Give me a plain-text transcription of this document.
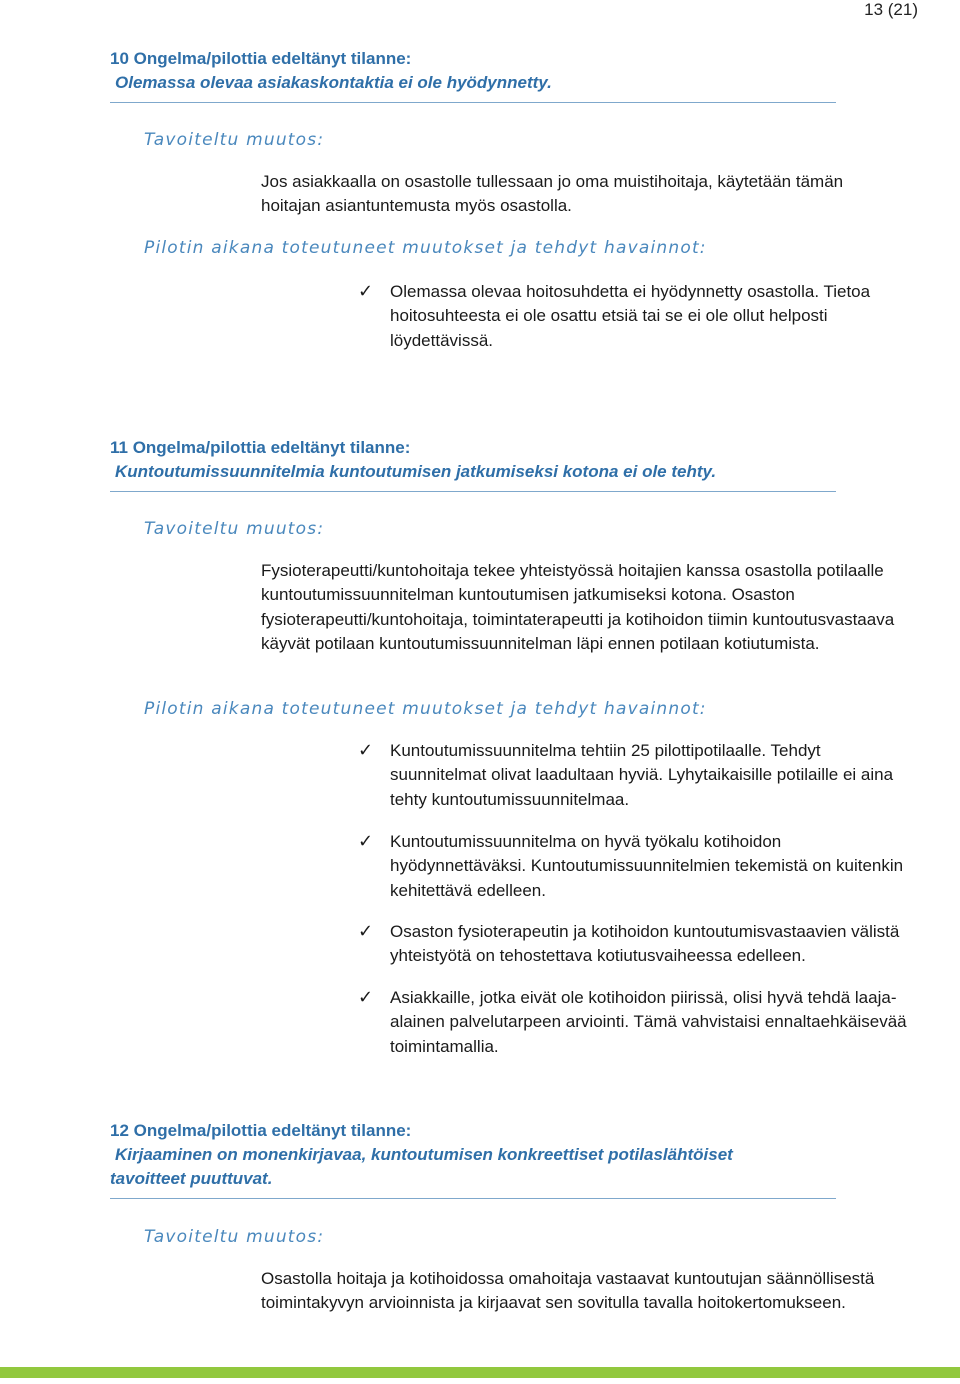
13 (21)
10 Ongelma/pilottia edeltänyt tilanne:
Olemassa olevaa asiakaskontaktia ei ole hyödynnetty.
Tavoiteltu muutos:
Jos asiakkaalla on osastolle tullessaan jo oma muistihoitaja, käytetään tämän hoitajan asiantuntemusta myös osastolla.
Pilotin aikana toteutuneet muutokset ja tehdyt havainnot:
✓ Olemassa olevaa hoitosuhdetta ei hyödynnetty osastolla. Tietoa hoitosuhteesta ei ole osattu etsiä tai se ei ole ollut helposti löydettävissä.
11 Ongelma/pilottia edeltänyt tilanne:
Kuntoutumissuunnitelmia kuntoutumisen jatkumiseksi kotona ei ole tehty.
Tavoiteltu muutos:
Fysioterapeutti/kuntohoitaja tekee yhteistyössä hoitajien kanssa osastolla potilaalle kuntoutumissuunnitelman kuntoutumisen jatkumiseksi kotona. Osaston fysioterapeutti/kuntohoitaja, toimintaterapeutti ja kotihoidon tiimin kuntoutusvastaava käyvät potilaan kuntoutumissuunnitelman läpi ennen potilaan kotiutumista.
Pilotin aikana toteutuneet muutokset ja tehdyt havainnot:
✓ Kuntoutumissuunnitelma tehtiin 25 pilottipotilaalle. Tehdyt suunnitelmat olivat laadultaan hyviä. Lyhytaikaisille potilaille ei aina tehty kuntoutumissuunnitelmaa.
✓ Kuntoutumissuunnitelma on hyvä työkalu kotihoidon hyödynnettäväksi. Kuntoutumissuunnitelmien tekemistä on kuitenkin kehitettävä edelleen.
✓ Osaston fysioterapeutin ja kotihoidon kuntoutumisvastaavien välistä yhteistyötä on tehostettava kotiutusvaiheessa edelleen.
✓ Asiakkaille, jotka eivät ole kotihoidon piirissä, olisi hyvä tehdä laaja-alainen palvelutarpeen arviointi. Tämä vahvistaisi ennaltaehkäisevää toimintamallia.
12 Ongelma/pilottia edeltänyt tilanne:
Kirjaaminen on monenkirjavaa, kuntoutumisen konkreettiset potilaslähtöiset
tavoitteet puuttuvat.
Tavoiteltu muutos:
Osastolla hoitaja ja kotihoidossa omahoitaja vastaavat kuntoutujan säännöllisestä toimintakyvyn arvioinnista ja kirjaavat sen sovitulla tavalla hoitokertomukseen.
